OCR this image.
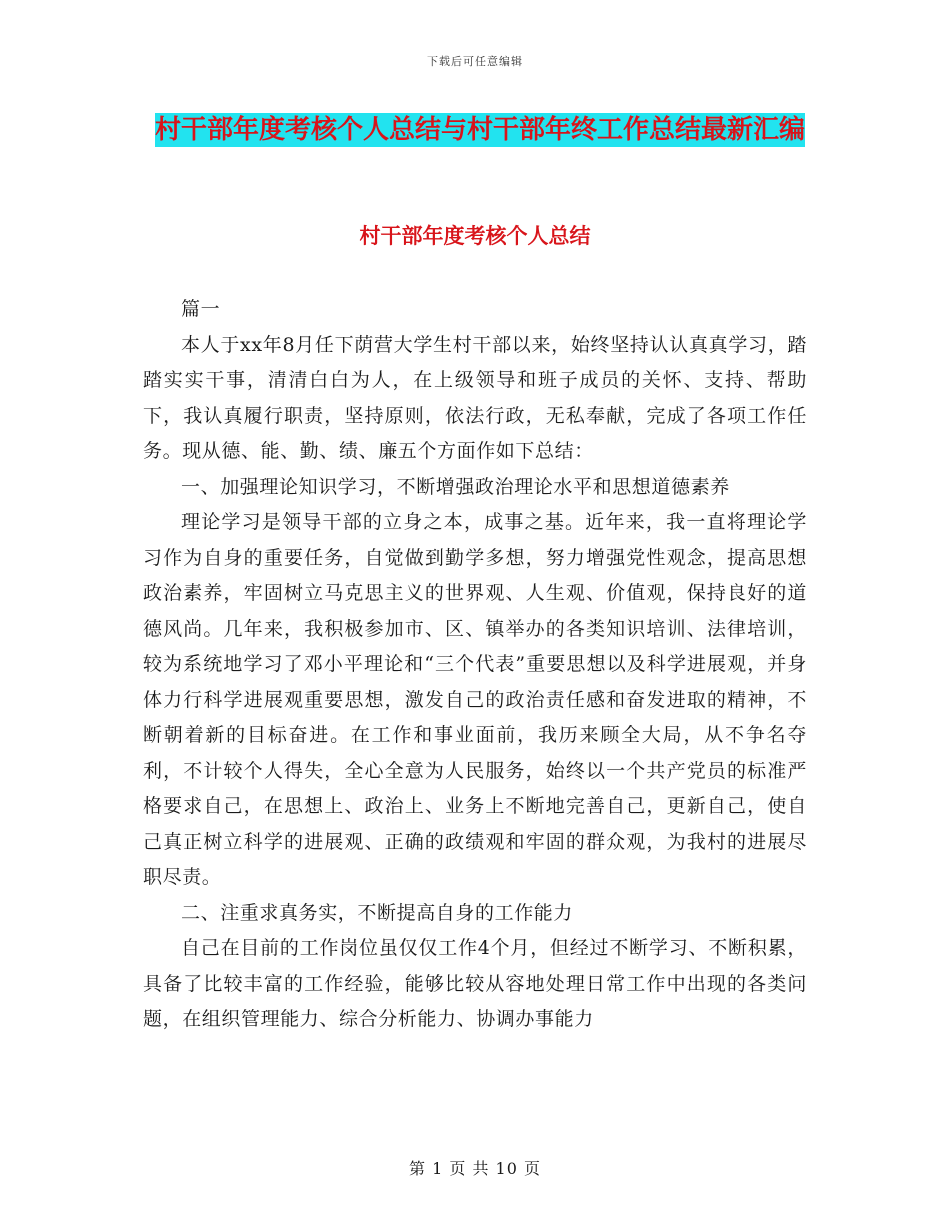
下载后可任意编辑
村干部年度考核个人总结与村干部年终工作总结最新汇编
村干部年度考核个人总结

篇一

本人于xx年8月任下荫营大学生村干部以来，始终坚持认认真真学习，踏踏实实干事，清清白白为人，在上级领导和班子成员的关怀、支持、帮助下，我认真履行职责，坚持原则，依法行政，无私奉献，完成了各项工作任务。现从德、能、勤、绩、廉五个方面作如下总结：

一、加强理论知识学习，不断增强政治理论水平和思想道德素养

理论学习是领导干部的立身之本，成事之基。近年来，我一直将理论学习作为自身的重要任务，自觉做到勤学多想，努力增强党性观念，提高思想政治素养，牢固树立马克思主义的世界观、人生观、价值观，保持良好的道德风尚。几年来，我积极参加市、区、镇举办的各类知识培训、法律培训，较为系统地学习了邓小平理论和“三个代表”重要思想以及科学进展观，并身体力行科学进展观重要思想，激发自己的政治责任感和奋发进取的精神，不断朝着新的目标奋进。在工作和事业面前，我历来顾全大局，从不争名夺利，不计较个人得失，全心全意为人民服务，始终以一个共产党员的标准严格要求自己，在思想上、政治上、业务上不断地完善自己，更新自己，使自己真正树立科学的进展观、正确的政绩观和牢固的群众观，为我村的进展尽职尽责。

二、注重求真务实，不断提高自身的工作能力

自己在目前的工作岗位虽仅仅工作4个月，但经过不断学习、不断积累，具备了比较丰富的工作经验，能够比较从容地处理日常工作中出现的各类问题，在组织管理能力、综合分析能力、协调办事能力

第 1 页 共 10 页
